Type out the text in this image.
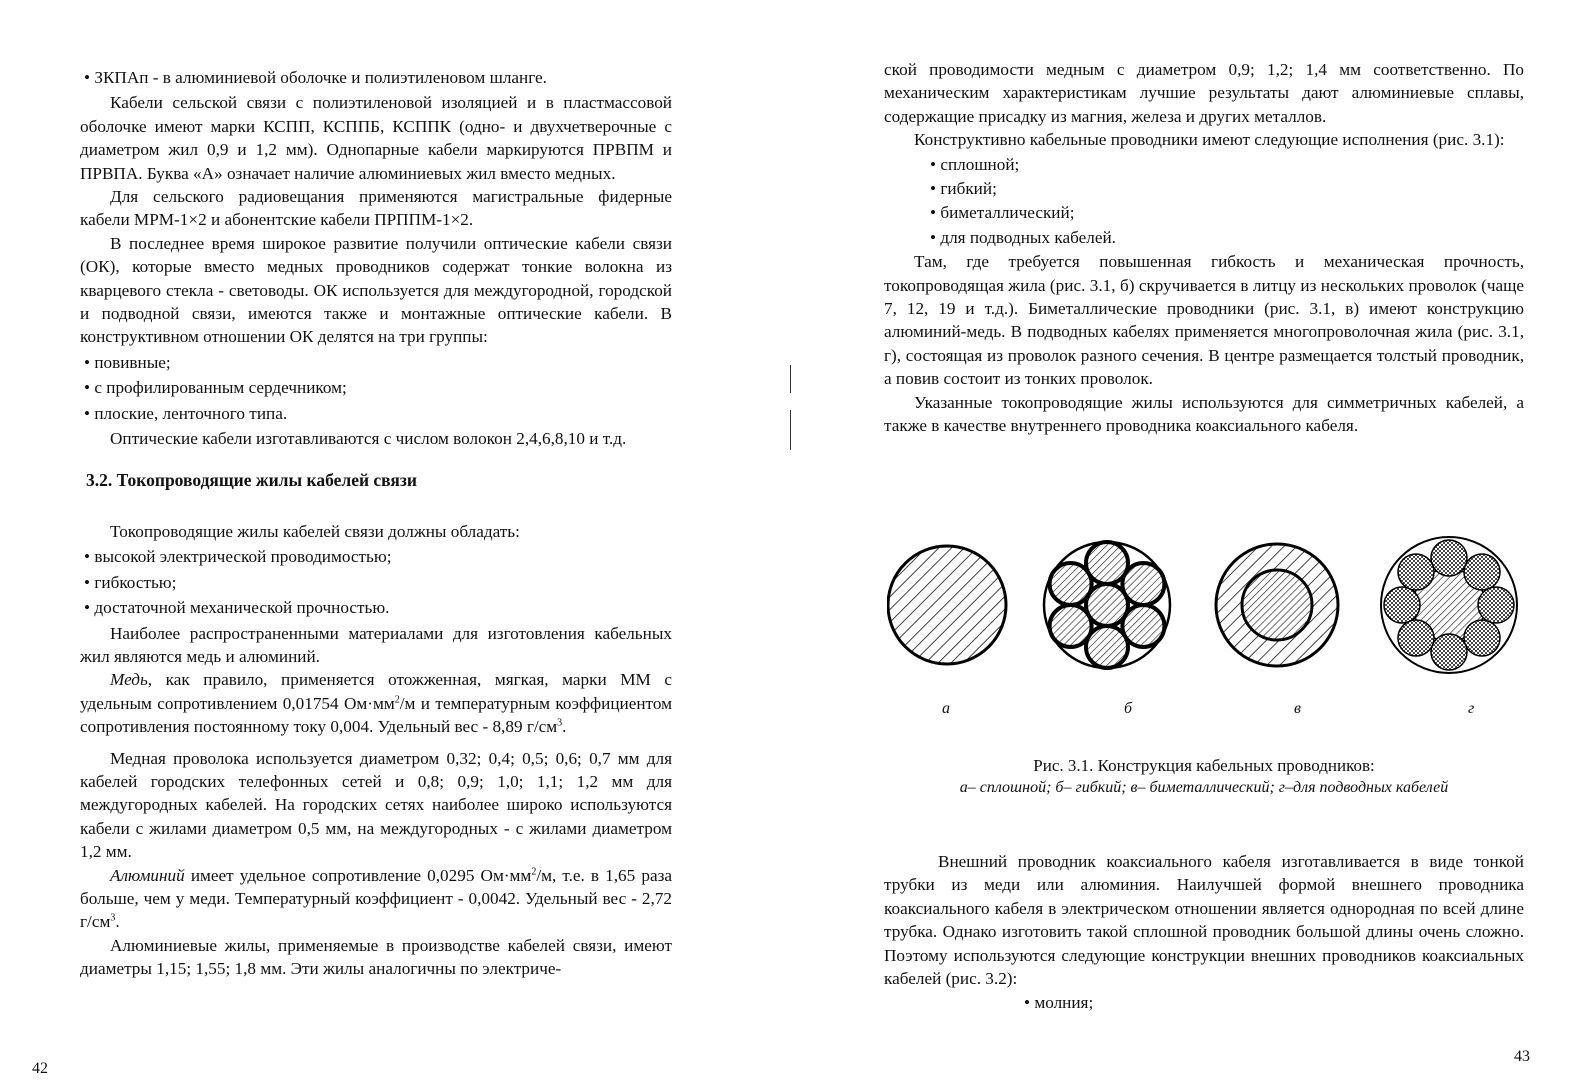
• ЗКПАп - в алюминиевой оболочке и полиэтиленовом шланге.

Кабели сельской связи с полиэтиленовой изоляцией и в пластмассовой оболочке имеют марки КСПП, КСППБ, КСППК (одно- и двухчетверочные с диаметром жил 0,9 и 1,2 мм). Однопарные кабели маркируются ПРВПМ и ПРВПА. Буква «А» означает наличие алюминиевых жил вместо медных.

Для сельского радиовещания применяются магистральные фидерные кабели МРМ-1×2 и абонентские кабели ПРППМ-1×2.

В последнее время широкое развитие получили оптические кабели связи (ОК), которые вместо медных проводников содержат тонкие волокна из кварцевого стекла - световоды. ОК используется для междугородной, городской и подводной связи, имеются также и монтажные оптические кабели. В конструктивном отношении ОК делятся на три группы:

• повивные;

• с профилированным сердечником;

• плоские, ленточного типа.

Оптические кабели изготавливаются с числом волокон 2,4,6,8,10 и т.д.

3.2. Токопроводящие жилы кабелей связи

Токопроводящие жилы кабелей связи должны обладать:

• высокой электрической проводимостью;

• гибкостью;

• достаточной механической прочностью.

Наиболее распространенными материалами для изготовления кабельных жил являются медь и алюминий.

Медь, как правило, применяется отожженная, мягкая, марки ММ с удельным сопротивлением 0,01754 $Ом\cdot мм^2/м$ и температурным коэффициентом сопротивления постоянному току 0,004. Удельный вес - 8,89 $г/см^3$.

Медная проволока используется диаметром 0,32; 0,4; 0,5; 0,6; 0,7 мм для кабелей городских телефонных сетей и 0,8; 0,9; 1,0; 1,1; 1,2 мм для междугородных кабелей. На городских сетях наиболее широко используются кабели с жилами диаметром 0,5 мм, на междугородных - с жилами диаметром 1,2 мм.

Алюминий имеет удельное сопротивление 0,0295 $Ом\cdot мм^2/м$, т.е. в 1,65 раза больше, чем у меди. Температурный коэффициент - 0,0042. Удельный вес - 2,72 $г/см^3$.

Алюминиевые жилы, применяемые в производстве кабелей связи, имеют диаметры 1,15; 1,55; 1,8 мм. Эти жилы аналогичны по электриче-

42

ской проводимости медным с диаметром 0,9; 1,2; 1,4 мм соответственно. По механическим характеристикам лучшие результаты дают алюминиевые сплавы, содержащие присадку из магния, железа и других металлов.

Конструктивно кабельные проводники имеют следующие исполнения (рис. 3.1):

• сплошной;

• гибкий;

• биметаллический;

• для подводных кабелей.

Там, где требуется повышенная гибкость и механическая прочность, токопроводящая жила (рис. 3.1, б) скручивается в литцу из нескольких проволок (чаще 7, 12, 19 и т.д.). Биметаллические проводники (рис. 3.1, в) имеют конструкцию алюминий-медь. В подводных кабелях применяется многопроволочная жила (рис. 3.1, г), состоящая из проволок разного сечения. В центре размещается толстый проводник, а повив состоит из тонких проволок.

Указанные токопроводящие жилы используются для симметричных кабелей, а также в качестве внутреннего проводника коаксиального кабеля.

а	б	в	г
Рис. 3.1. Конструкция кабельных проводников:
а– сплошной; б– гибкий; в– биметаллический; г–для подводных кабелей

Внешний проводник коаксиального кабеля изготавливается в виде тонкой трубки из меди или алюминия. Наилучшей формой внешнего проводника коаксиального кабеля в электрическом отношении является однородная по всей длине трубка. Однако изготовить такой сплошной проводник большой длины очень сложно. Поэтому используются следующие конструкции внешних проводников коаксиальных кабелей (рис. 3.2):

• молния;

43
